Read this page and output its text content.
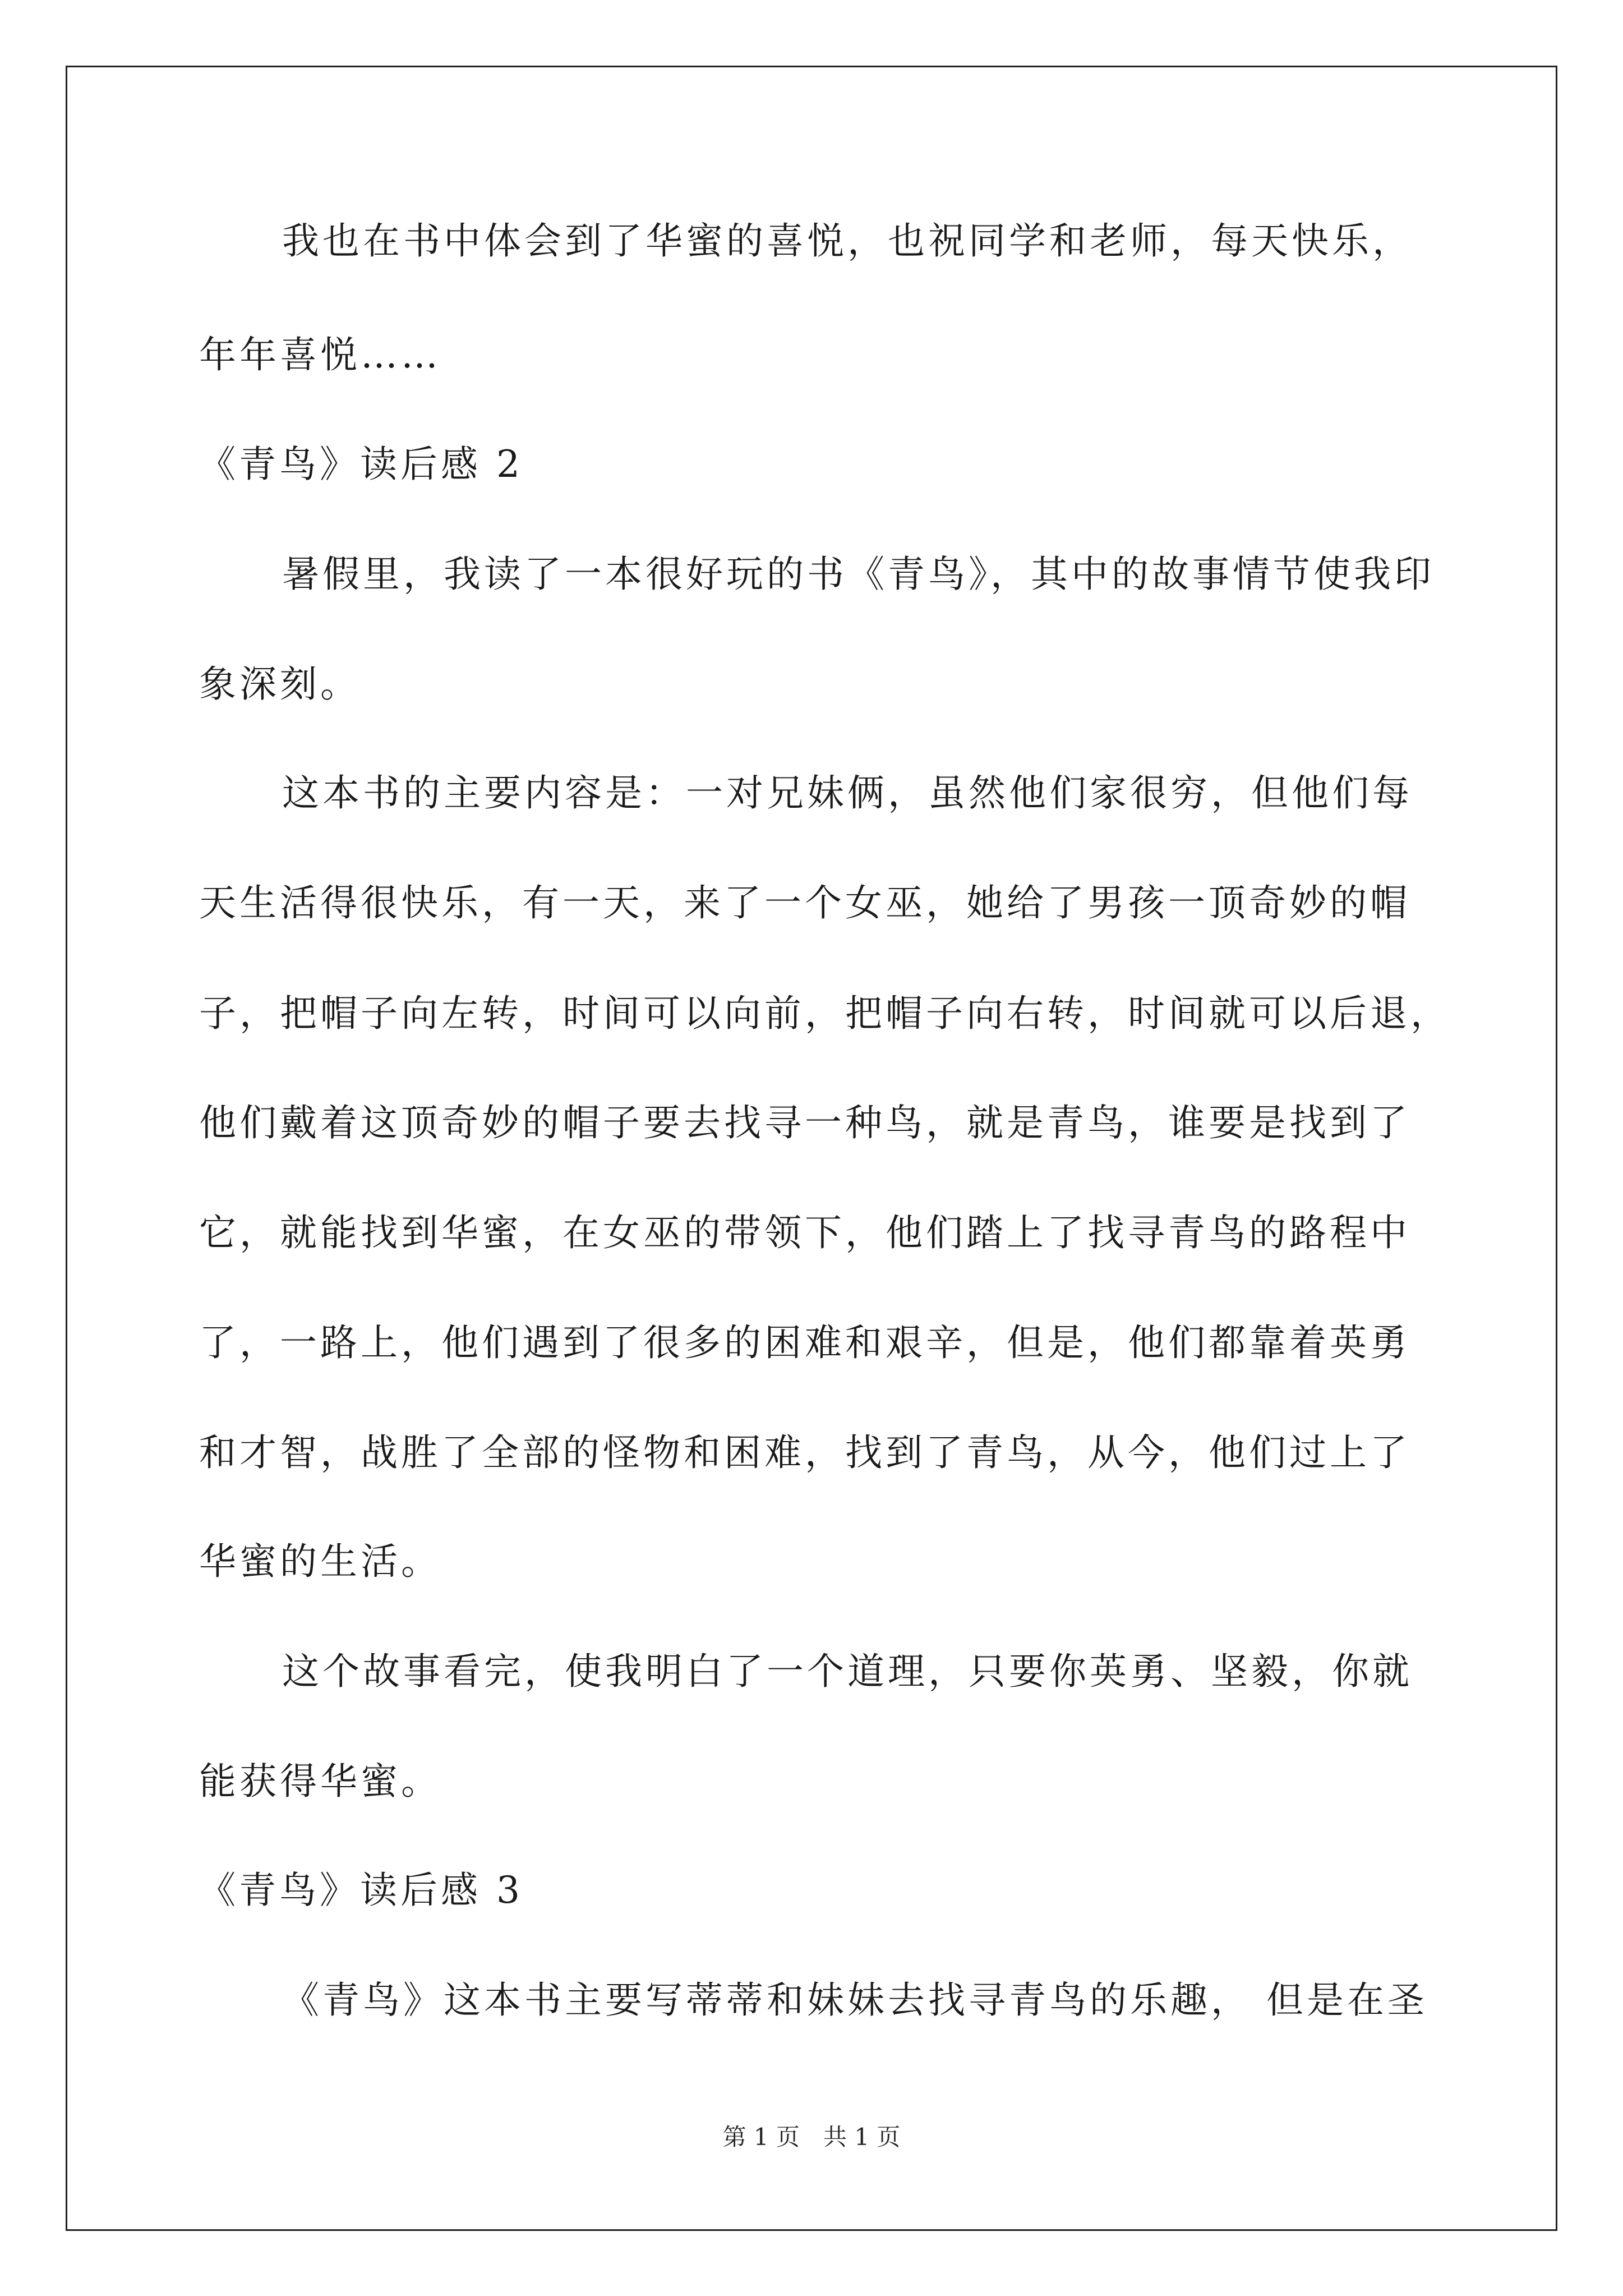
我也在书中体会到了华蜜的喜悦，也祝同学和老师，每天快乐，
年年喜悦……
《青鸟》读后感 2
暑假里，我读了一本很好玩的书《青鸟》，其中的故事情节使我印
象深刻。
这本书的主要内容是：一对兄妹俩，虽然他们家很穷，但他们每
天生活得很快乐，有一天，来了一个女巫，她给了男孩一顶奇妙的帽
子，把帽子向左转，时间可以向前，把帽子向右转，时间就可以后退，
他们戴着这顶奇妙的帽子要去找寻一种鸟，就是青鸟，谁要是找到了
它，就能找到华蜜，在女巫的带领下，他们踏上了找寻青鸟的路程中
了，一路上，他们遇到了很多的困难和艰辛，但是，他们都靠着英勇
和才智，战胜了全部的怪物和困难，找到了青鸟，从今，他们过上了
华蜜的生活。
这个故事看完，使我明白了一个道理，只要你英勇、坚毅，你就
能获得华蜜。
《青鸟》读后感 3
《青鸟》这本书主要写蒂蒂和妹妹去找寻青鸟的乐趣， 但是在圣
第 1 页　共 1 页
